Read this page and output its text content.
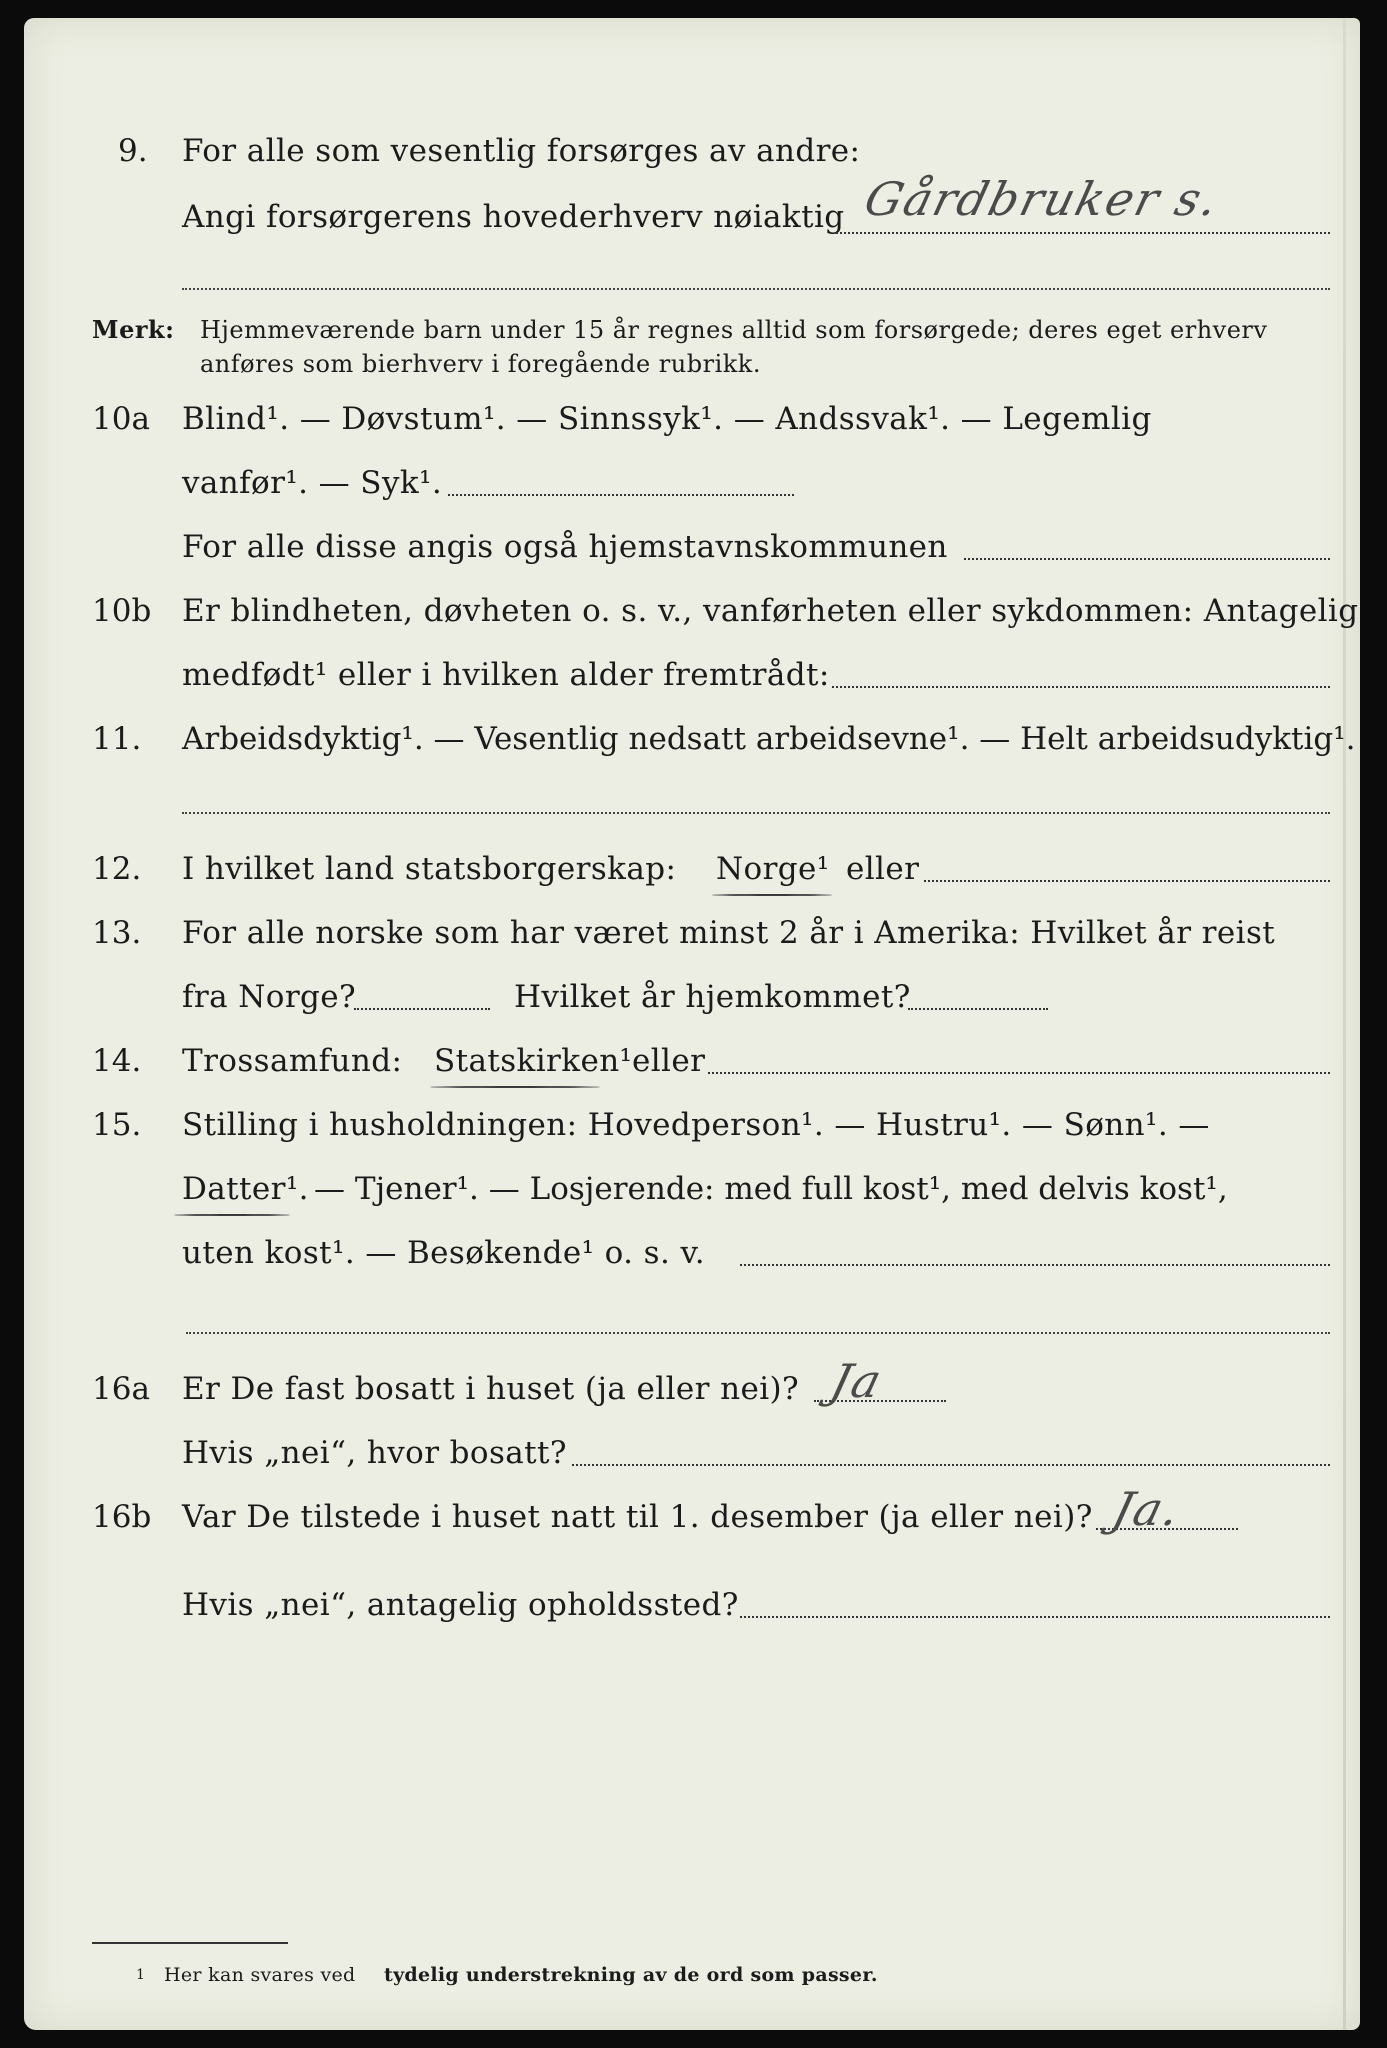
9. For alle som vesentlig forsørges av andre:
Angi forsørgerens hovederhverv nøiaktig Gårdbruker s.
Merk: Hjemmeværende barn under 15 år regnes alltid som forsørgede; deres eget erhverv
anføres som bierhverv i foregående rubrikk.
10a Blind¹. — Døvstum¹. — Sinnssyk¹. — Andssvak¹. — Legemlig
vanfør¹. — Syk¹.
For alle disse angis også hjemstavnskommunen
10b Er blindheten, døvheten o. s. v., vanførheten eller sykdommen: Antagelig
medfødt¹ eller i hvilken alder fremtrådt:
11. Arbeidsdyktig¹. — Vesentlig nedsatt arbeidsevne¹. — Helt arbeidsudyktig¹.
12. I hvilket land statsborgerskap: Norge¹ eller
13. For alle norske som har været minst 2 år i Amerika: Hvilket år reist
fra Norge?	Hvilket år hjemkommet?
14. Trossamfund: Statskirken¹ eller
15. Stilling i husholdningen: Hovedperson¹. — Hustru¹. — Sønn¹. —
Datter¹. — Tjener¹. — Losjerende: med full kost¹, med delvis kost¹,
uten kost¹. — Besøkende¹ o. s. v.
16a Er De fast bosatt i huset (ja eller nei)? Ja
Hvis „nei“, hvor bosatt?
16b Var De tilstede i huset natt til 1. desember (ja eller nei)? Ja.
Hvis „nei“, antagelig opholdssted?
1 Her kan svares ved tydelig understrekning av de ord som passer.
